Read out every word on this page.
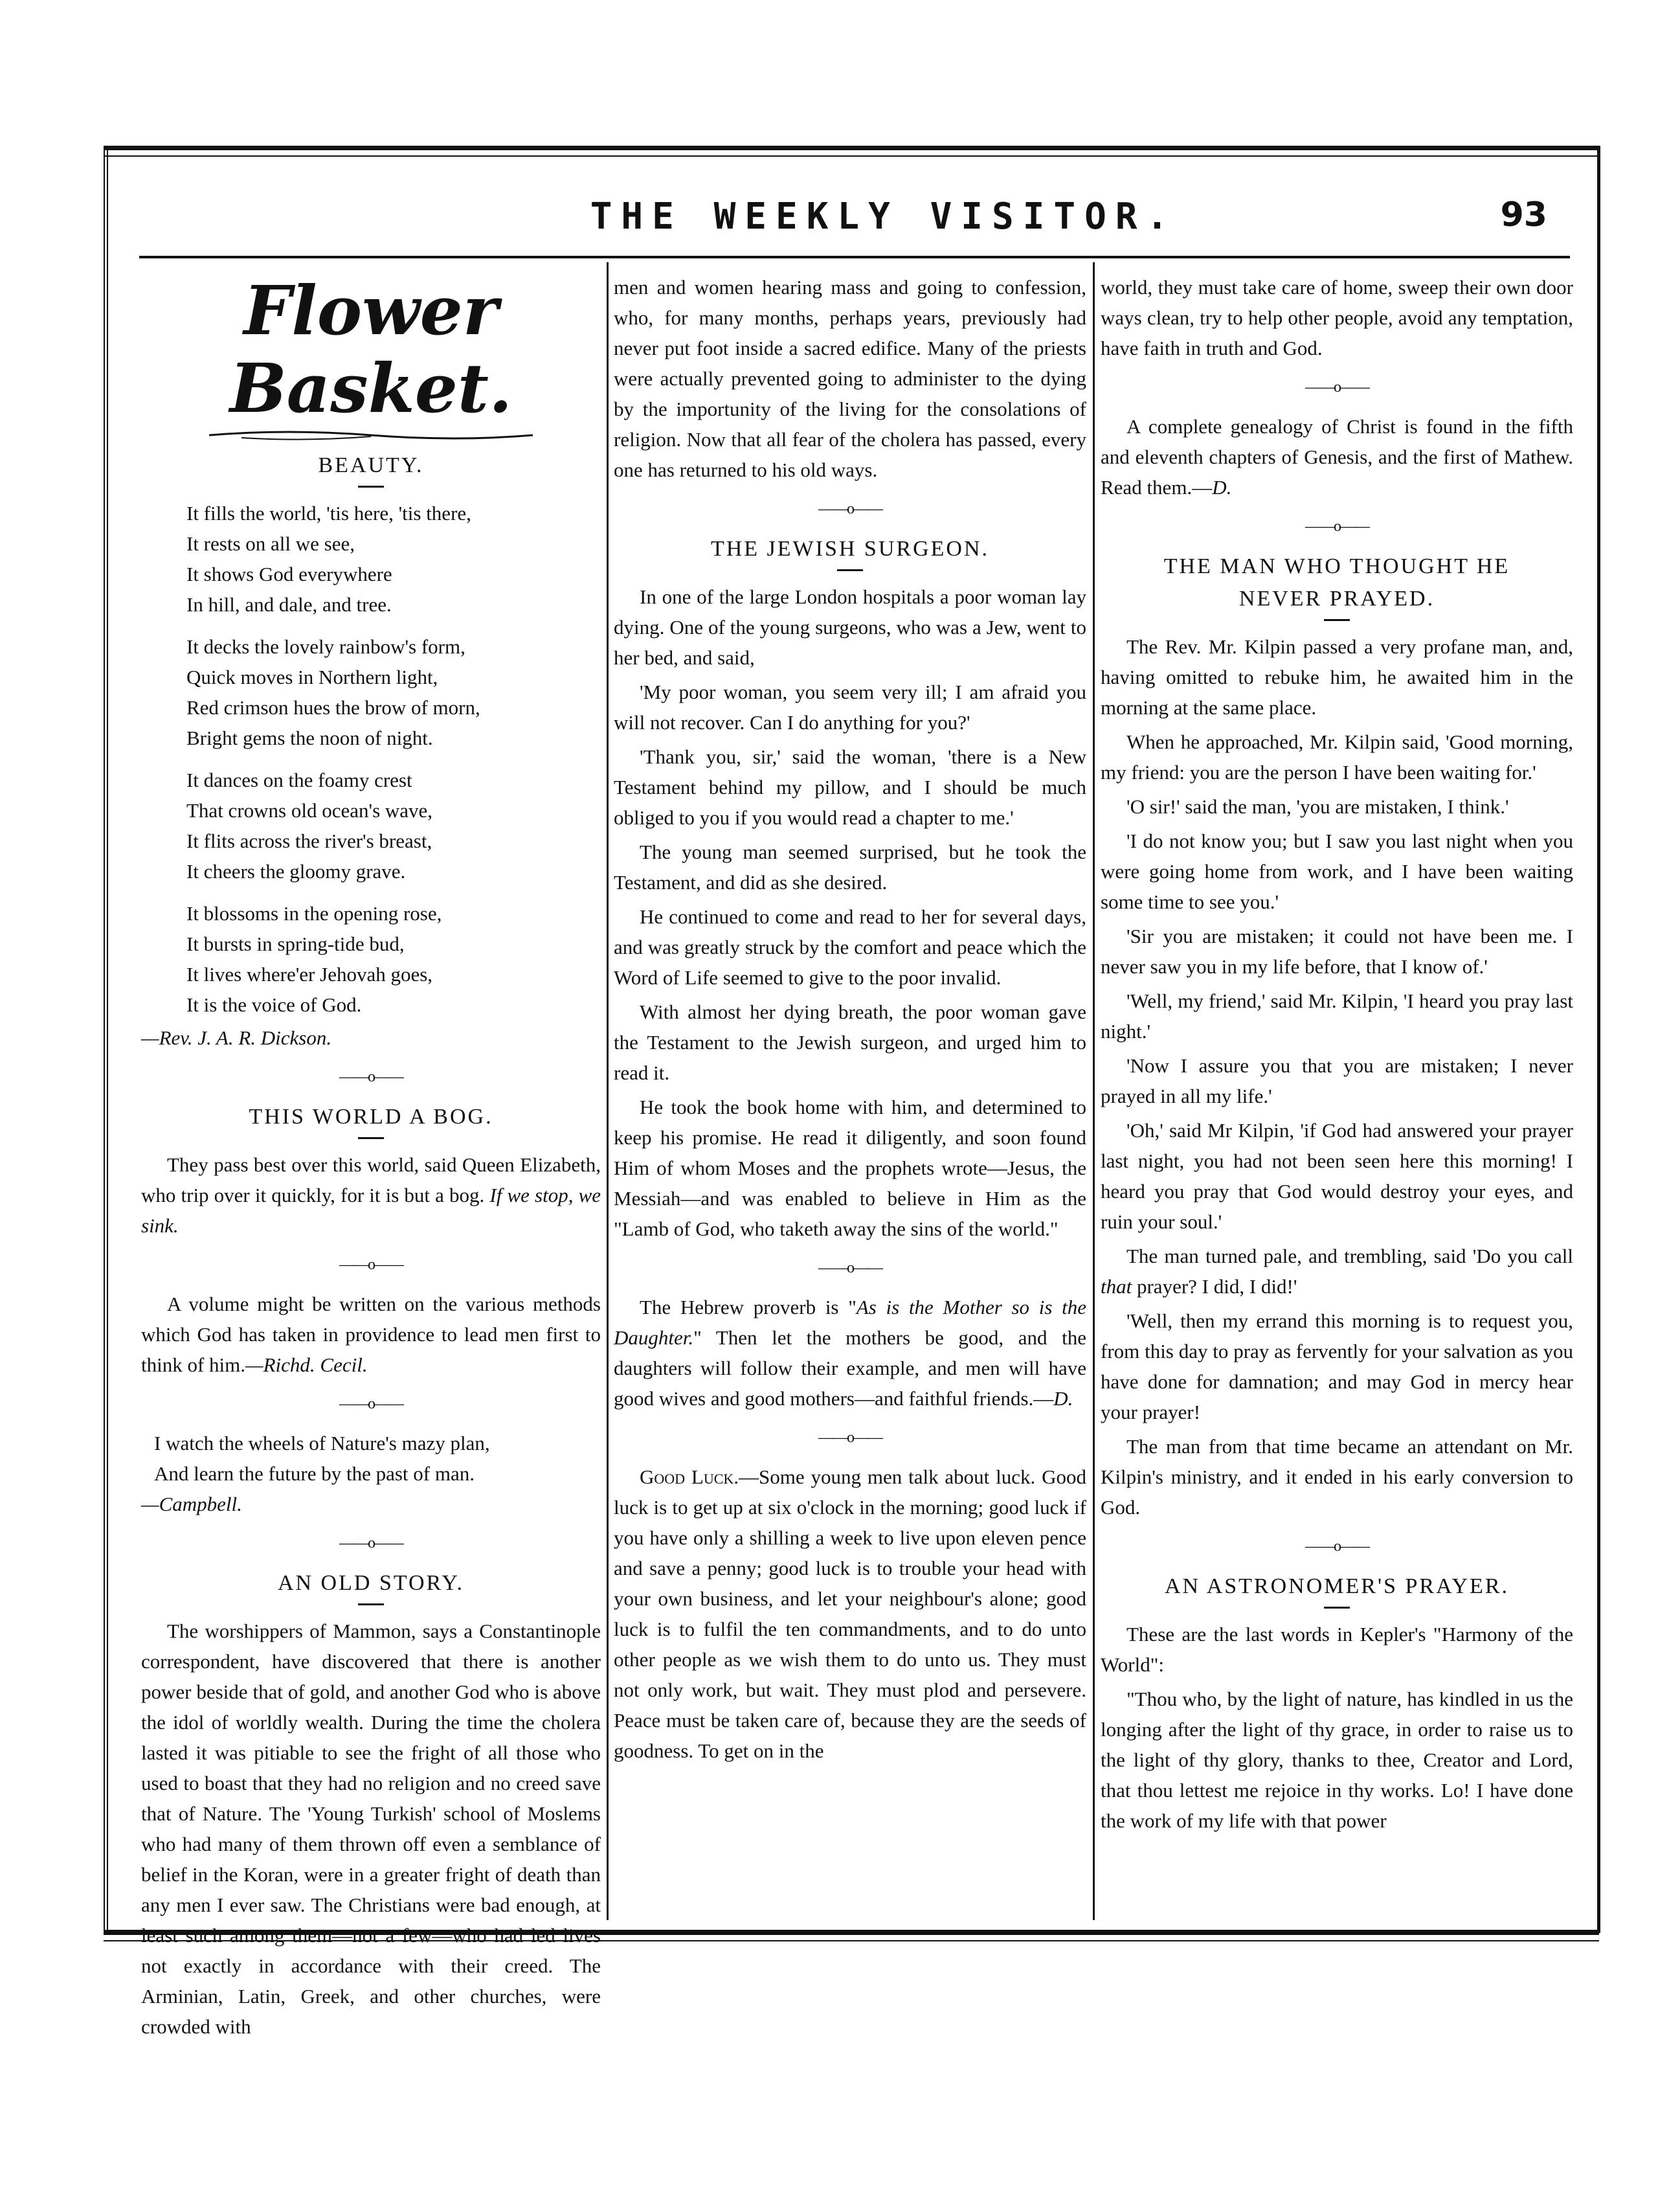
THE WEEKLY VISITOR.	93
Flower Basket.
BEAUTY.
It fills the world, 'tis here, 'tis there,
It rests on all we see,
It shows God everywhere
In hill, and dale, and tree.
It decks the lovely rainbow's form,
Quick moves in Northern light,
Red crimson hues the brow of morn,
Bright gems the noon of night.
It dances on the foamy crest
That crowns old ocean's wave,
It flits across the river's breast,
It cheers the gloomy grave.
It blossoms in the opening rose,
It bursts in spring-tide bud,
It lives where'er Jehovah goes,
It is the voice of God.
—Rev. J. A. R. Dickson.
——o——
THIS WORLD A BOG.

They pass best over this world, said Queen Elizabeth, who trip over it quickly, for it is but a bog. If we stop, we sink.

——o——

A volume might be written on the various methods which God has taken in providence to lead men first to think of him.—Richd. Cecil.

——o——
I watch the wheels of Nature's mazy plan,
And learn the future by the past of man.
—Campbell.
——o——
AN OLD STORY.

The worshippers of Mammon, says a Constantinople correspondent, have discovered that there is another power beside that of gold, and another God who is above the idol of worldly wealth. During the time the cholera lasted it was pitiable to see the fright of all those who used to boast that they had no religion and no creed save that of Nature. The 'Young Turkish' school of Moslems who had many of them thrown off even a semblance of belief in the Koran, were in a greater fright of death than any men I ever saw. The Christians were bad enough, at least such among them—not a few—who had led lives not exactly in accordance with their creed. The Arminian, Latin, Greek, and other churches, were crowded with

men and women hearing mass and going to confession, who, for many months, perhaps years, previously had never put foot inside a sacred edifice. Many of the priests were actually prevented going to administer to the dying by the importunity of the living for the consolations of religion. Now that all fear of the cholera has passed, every one has returned to his old ways.

——o——
THE JEWISH SURGEON.

In one of the large London hospitals a poor woman lay dying. One of the young surgeons, who was a Jew, went to her bed, and said,

'My poor woman, you seem very ill; I am afraid you will not recover. Can I do anything for you?'

'Thank you, sir,' said the woman, 'there is a New Testament behind my pillow, and I should be much obliged to you if you would read a chapter to me.'

The young man seemed surprised, but he took the Testament, and did as she desired.

He continued to come and read to her for several days, and was greatly struck by the comfort and peace which the Word of Life seemed to give to the poor invalid.

With almost her dying breath, the poor woman gave the Testament to the Jewish surgeon, and urged him to read it.

He took the book home with him, and determined to keep his promise. He read it diligently, and soon found Him of whom Moses and the prophets wrote—Jesus, the Messiah—and was enabled to believe in Him as the "Lamb of God, who taketh away the sins of the world."

——o——

The Hebrew proverb is "As is the Mother so is the Daughter." Then let the mothers be good, and the daughters will follow their example, and men will have good wives and good mothers—and faithful friends.—D.

——o——

Good Luck.—Some young men talk about luck. Good luck is to get up at six o'clock in the morning; good luck if you have only a shilling a week to live upon eleven pence and save a penny; good luck is to trouble your head with your own business, and let your neighbour's alone; good luck is to fulfil the ten commandments, and to do unto other people as we wish them to do unto us. They must not only work, but wait. They must plod and persevere. Peace must be taken care of, because they are the seeds of goodness. To get on in the

world, they must take care of home, sweep their own door ways clean, try to help other people, avoid any temptation, have faith in truth and God.

——o——

A complete genealogy of Christ is found in the fifth and eleventh chapters of Genesis, and the first of Mathew. Read them.—D.

——o——
THE MAN WHO THOUGHT HE
NEVER PRAYED.

The Rev. Mr. Kilpin passed a very profane man, and, having omitted to rebuke him, he awaited him in the morning at the same place.

When he approached, Mr. Kilpin said, 'Good morning, my friend: you are the person I have been waiting for.'

'O sir!' said the man, 'you are mistaken, I think.'

'I do not know you; but I saw you last night when you were going home from work, and I have been waiting some time to see you.'

'Sir you are mistaken; it could not have been me. I never saw you in my life before, that I know of.'

'Well, my friend,' said Mr. Kilpin, 'I heard you pray last night.'

'Now I assure you that you are mistaken; I never prayed in all my life.'

'Oh,' said Mr Kilpin, 'if God had answered your prayer last night, you had not been seen here this morning! I heard you pray that God would destroy your eyes, and ruin your soul.'

The man turned pale, and trembling, said 'Do you call that prayer? I did, I did!'

'Well, then my errand this morning is to request you, from this day to pray as fervently for your salvation as you have done for damnation; and may God in mercy hear your prayer!

The man from that time became an attendant on Mr. Kilpin's ministry, and it ended in his early conversion to God.

——o——
AN ASTRONOMER'S PRAYER.

These are the last words in Kepler's "Harmony of the World":

"Thou who, by the light of nature, has kindled in us the longing after the light of thy grace, in order to raise us to the light of thy glory, thanks to thee, Creator and Lord, that thou lettest me rejoice in thy works. Lo! I have done the work of my life with that power
